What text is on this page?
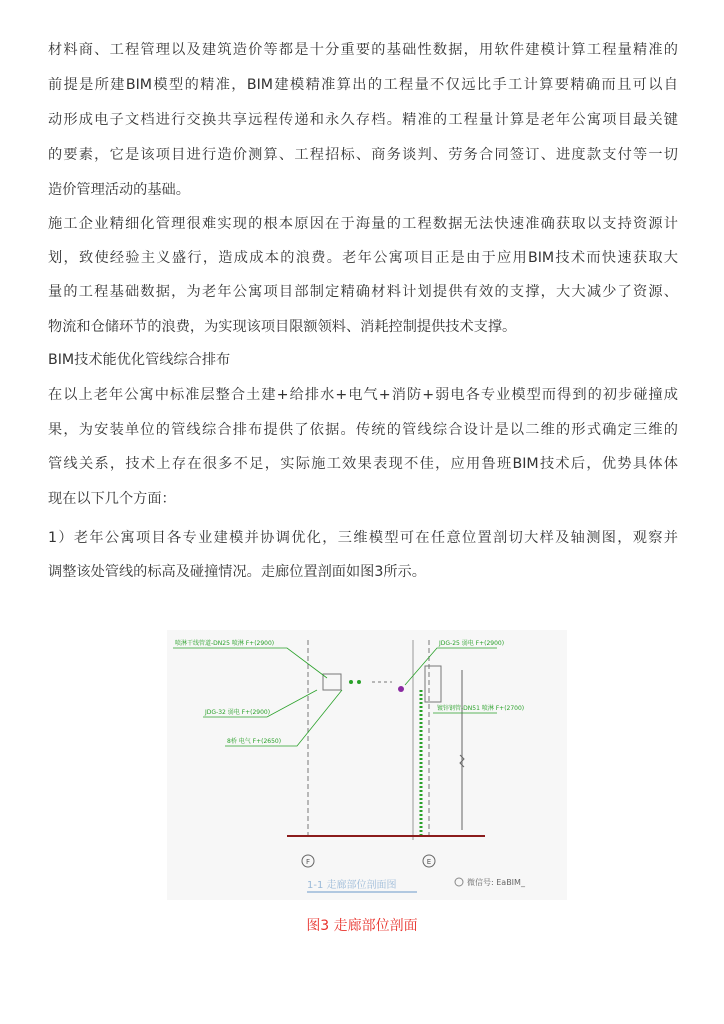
材料商、工程管理以及建筑造价等都是十分重要的基础性数据，用软件建模计算工程量精准的
前提是所建BIM模型的精准，BIM建模精准算出的工程量不仅远比手工计算要精确而且可以自
动形成电子文档进行交换共享远程传递和永久存档。精准的工程量计算是老年公寓项目最关键
的要素，它是该项目进行造价测算、工程招标、商务谈判、劳务合同签订、进度款支付等一切
造价管理活动的基础。
施工企业精细化管理很难实现的根本原因在于海量的工程数据无法快速准确获取以支持资源计
划，致使经验主义盛行，造成成本的浪费。老年公寓项目正是由于应用BIM技术而快速获取大
量的工程基础数据，为老年公寓项目部制定精确材料计划提供有效的支撑，大大减少了资源、
物流和仓储环节的浪费，为实现该项目限额领料、消耗控制提供技术支撑。
BIM技术能优化管线综合排布
在以上老年公寓中标准层整合土建+给排水+电气+消防+弱电各专业模型而得到的初步碰撞成
果，为安装单位的管线综合排布提供了依据。传统的管线综合设计是以二维的形式确定三维的
管线关系，技术上存在很多不足，实际施工效果表现不佳，应用鲁班BIM技术后，优势具体体
现在以下几个方面：
1）老年公寓项目各专业建模并协调优化，三维模型可在任意位置剖切大样及轴测图，观察并
调整该处管线的标高及碰撞情况。走廊位置剖面如图3所示。
F	E
喷淋干线管道-DN25 喷淋 F+(2900)	JDG-25 弱电 F+(2900)
镀锌钢管-DN51 喷淋 F+(2700)
JDG-32 弱电 F+(2900)
8桥 电气 F+(2650)
1-1 走廊部位剖面图	微信号: EaBIM_
图3 走廊部位剖面
